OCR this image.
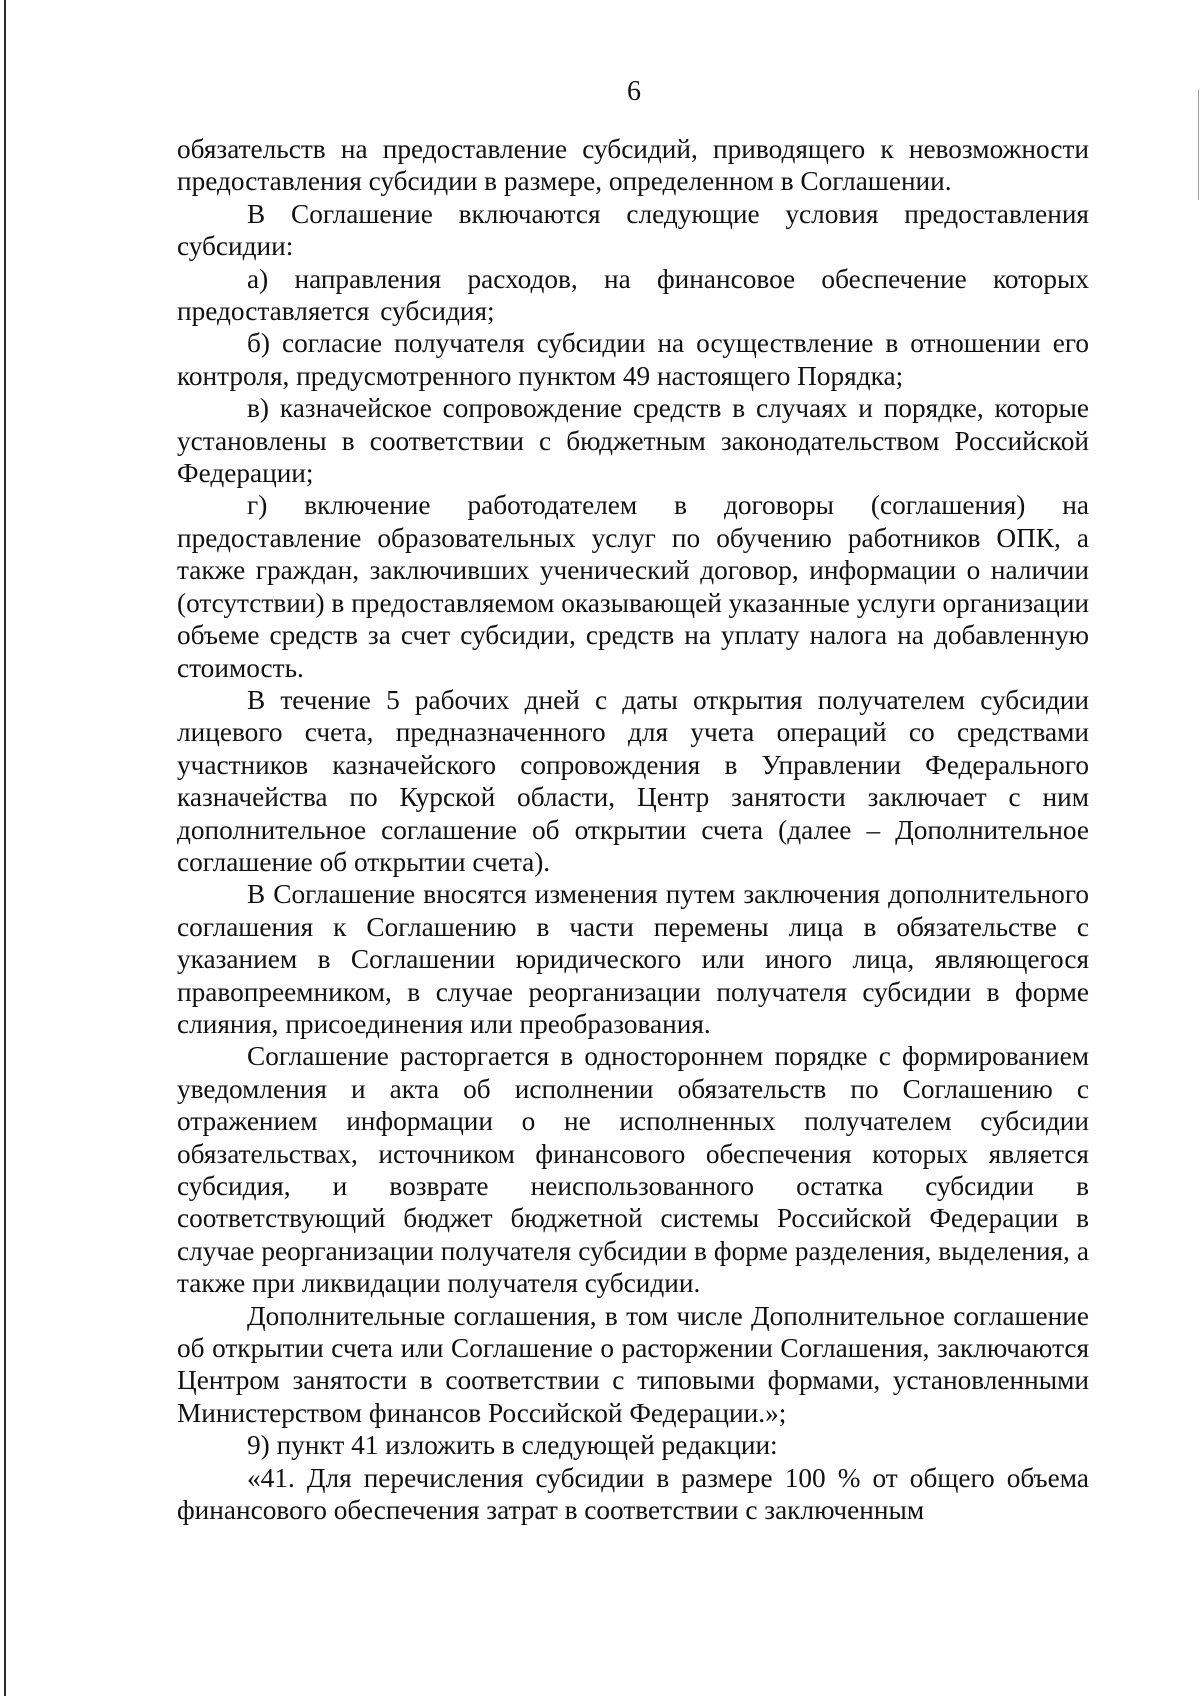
6

обязательств на предоставление субсидий, приводящего к невозможности предоставления субсидии в размере, определенном в Соглашении.

В Соглашение включаются следующие условия предоставления субсидии:

а) направления расходов, на финансовое обеспечение которых предоставляется субсидия;

б) согласие получателя субсидии на осуществление в отношении его контроля, предусмотренного пунктом 49 настоящего Порядка;

в) казначейское сопровождение средств в случаях и порядке, которые установлены в соответствии с бюджетным законодательством Российской Федерации;

г) включение работодателем в договоры (соглашения) на предоставление образовательных услуг по обучению работников ОПК, а также граждан, заключивших ученический договор, информации о наличии (отсутствии) в предоставляемом оказывающей указанные услуги организации объеме средств за счет субсидии, средств на уплату налога на добавленную стоимость.

В течение 5 рабочих дней с даты открытия получателем субсидии лицевого счета, предназначенного для учета операций со средствами участников казначейского сопровождения в Управлении Федерального казначейства по Курской области, Центр занятости заключает с ним дополнительное соглашение об открытии счета (далее – Дополнительное соглашение об открытии счета).

В Соглашение вносятся изменения путем заключения дополнительного соглашения к Соглашению в части перемены лица в обязательстве с указанием в Соглашении юридического или иного лица, являющегося правопреемником, в случае реорганизации получателя субсидии в форме слияния, присоединения или преобразования.

Соглашение расторгается в одностороннем порядке с формированием уведомления и акта об исполнении обязательств по Соглашению с отражением информации о не исполненных получателем субсидии обязательствах, источником финансового обеспечения которых является субсидия, и возврате неиспользованного остатка субсидии в соответствующий бюджет бюджетной системы Российской Федерации в случае реорганизации получателя субсидии в форме разделения, выделения, а также при ликвидации получателя субсидии.

Дополнительные соглашения, в том числе Дополнительное соглашение об открытии счета или Соглашение о расторжении Соглашения, заключаются Центром занятости в соответствии с типовыми формами, установленными Министерством финансов Российской Федерации.»;

9) пункт 41 изложить в следующей редакции:

«41. Для перечисления субсидии в размере 100 % от общего объема финансового обеспечения затрат в соответствии с заключенным
